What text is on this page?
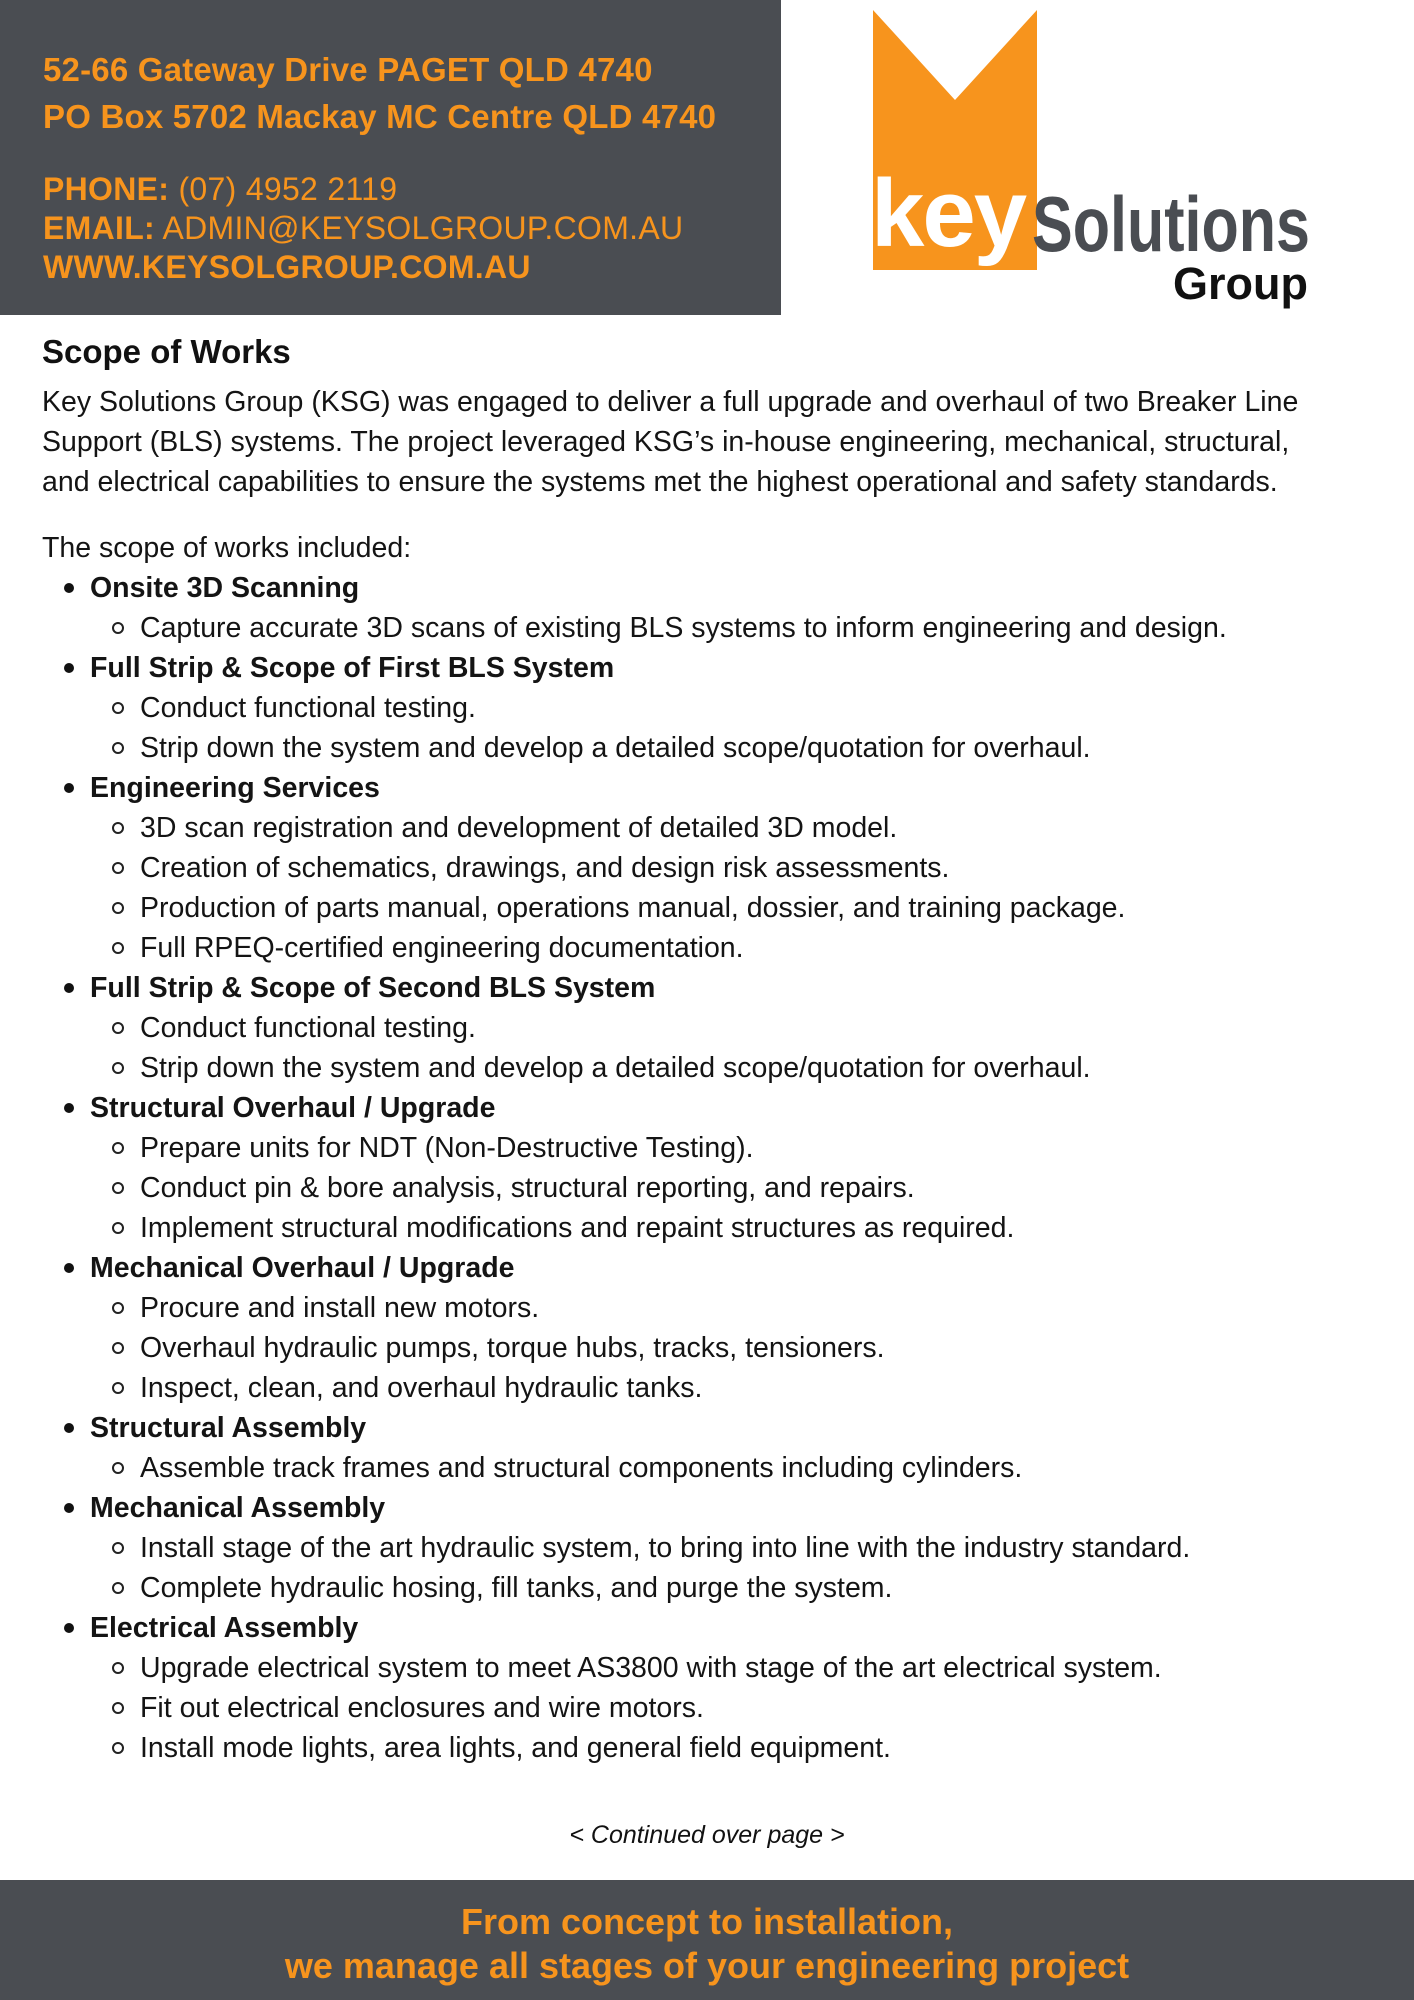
52-66 Gateway Drive PAGET QLD 4740
PO Box 5702 Mackay MC Centre QLD 4740
PHONE: (07) 4952 2119
EMAIL: ADMIN@KEYSOLGROUP.COM.AU
WWW.KEYSOLGROUP.COM.AU	key Solutions
Group
Scope of Works

Key Solutions Group (KSG) was engaged to deliver a full upgrade and overhaul of two Breaker Line Support (BLS) systems. The project leveraged KSG’s in-house engineering, mechanical, structural, and electrical capabilities to ensure the systems met the highest operational and safety standards.

The scope of works included:

Onsite 3D Scanning
Capture accurate 3D scans of existing BLS systems to inform engineering and design.
Full Strip & Scope of First BLS System
Conduct functional testing.
Strip down the system and develop a detailed scope/quotation for overhaul.
Engineering Services
3D scan registration and development of detailed 3D model.
Creation of schematics, drawings, and design risk assessments.
Production of parts manual, operations manual, dossier, and training package.
Full RPEQ-certified engineering documentation.
Full Strip & Scope of Second BLS System
Conduct functional testing.
Strip down the system and develop a detailed scope/quotation for overhaul.
Structural Overhaul / Upgrade
Prepare units for NDT (Non-Destructive Testing).
Conduct pin & bore analysis, structural reporting, and repairs.
Implement structural modifications and repaint structures as required.
Mechanical Overhaul / Upgrade
Procure and install new motors.
Overhaul hydraulic pumps, torque hubs, tracks, tensioners.
Inspect, clean, and overhaul hydraulic tanks.
Structural Assembly
Assemble track frames and structural components including cylinders.
Mechanical Assembly
Install stage of the art hydraulic system, to bring into line with the industry standard.
Complete hydraulic hosing, fill tanks, and purge the system.
Electrical Assembly
Upgrade electrical system to meet AS3800 with stage of the art electrical system.
Fit out electrical enclosures and wire motors.
Install mode lights, area lights, and general field equipment.
< Continued over page >
From concept to installation,
we manage all stages of your engineering project
